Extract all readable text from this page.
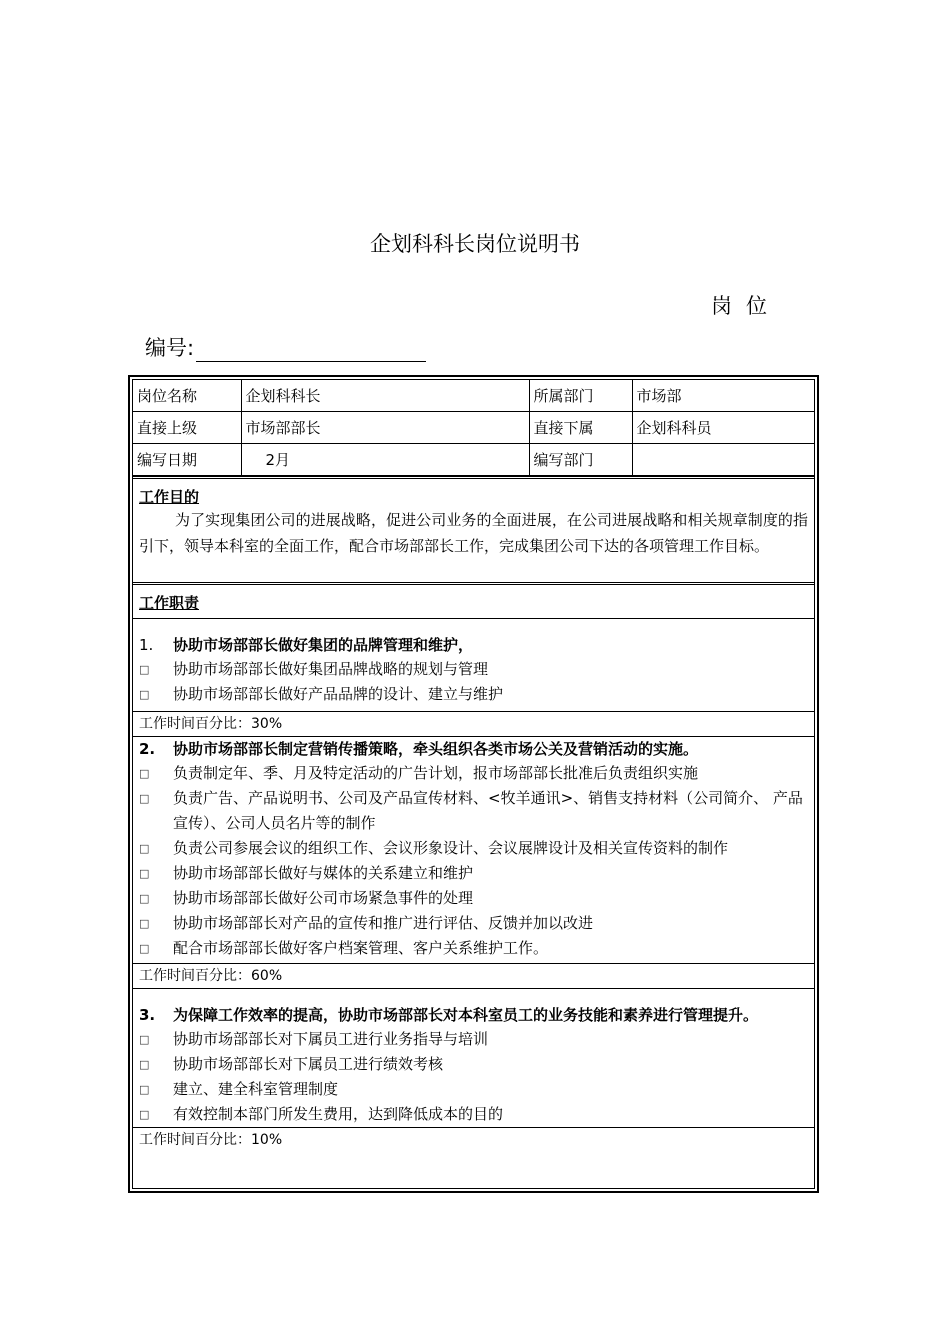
企划科科长岗位说明书
岗位
编号:
岗位名称	企划科科长	所属部门	市场部
直接上级	市场部部长	直接下属	企划科科员
编写日期	2月	编写部门	
工作目的
为了实现集团公司的进展战略，促进公司业务的全面进展，在公司进展战略和相关规章制度的指引下，领导本科室的全面工作，配合市场部部长工作，完成集团公司下达的各项管理工作目标。
工作职责
1.	协助市场部部长做好集团的品牌管理和维护，
□	协助市场部部长做好集团品牌战略的规划与管理
□	协助市场部部长做好产品品牌的设计、建立与维护
工作时间百分比：30%
2.	协助市场部部长制定营销传播策略，牵头组织各类市场公关及营销活动的实施。
□	负责制定年、季、月及特定活动的广告计划，报市场部部长批准后负责组织实施
□	负责广告、产品说明书、公司及产品宣传材料、<牧羊通讯>、销售支持材料（公司简介、 产品宣传）、公司人员名片等的制作
□	负责公司参展会议的组织工作、会议形象设计、会议展牌设计及相关宣传资料的制作
□	协助市场部部长做好与媒体的关系建立和维护
□	协助市场部部长做好公司市场紧急事件的处理
□	协助市场部部长对产品的宣传和推广进行评估、反馈并加以改进
□	配合市场部部长做好客户档案管理、客户关系维护工作。
工作时间百分比：60%
3.	为保障工作效率的提高，协助市场部部长对本科室员工的业务技能和素养进行管理提升。
□	协助市场部部长对下属员工进行业务指导与培训
□	协助市场部部长对下属员工进行绩效考核
□	建立、建全科室管理制度
□	有效控制本部门所发生费用，达到降低成本的目的
工作时间百分比：10%
